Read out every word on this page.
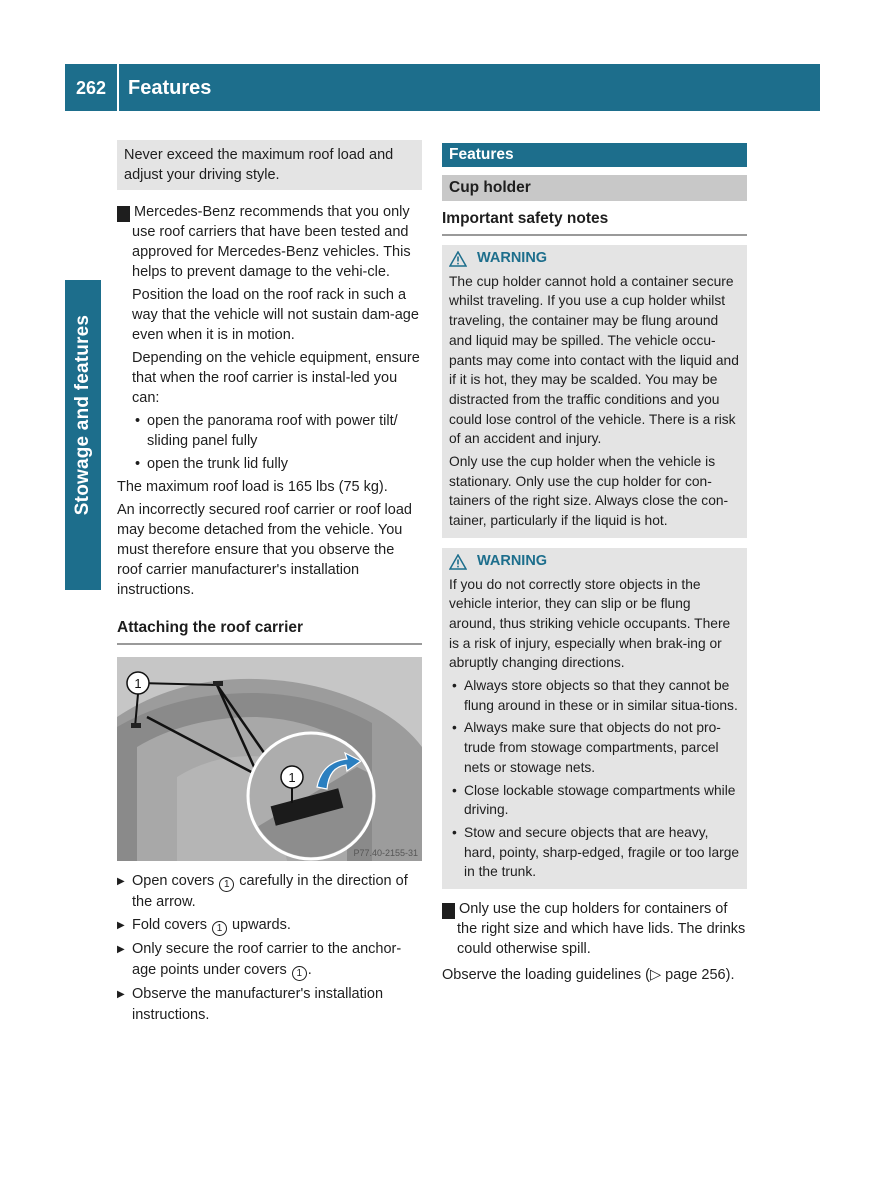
262	Features
Stowage and features
Never exceed the maximum roof load and adjust your driving style.

! Mercedes-Benz recommends that you only use roof carriers that have been tested and approved for Mercedes-Benz vehicles. This helps to prevent damage to the vehi-cle.

Position the load on the roof rack in such a way that the vehicle will not sustain dam-age even when it is in motion.

Depending on the vehicle equipment, ensure that when the roof carrier is instal-led you can:

• open the panorama roof with power tilt/ sliding panel fully

• open the trunk lid fully

The maximum roof load is 165 lbs (75 kg).

An incorrectly secured roof carrier or roof load may become detached from the vehicle. You must therefore ensure that you observe the roof carrier manufacturer's installation instructions.

Attaching the roof carrier
1
1
P77.40-2155-31

▶ Open covers 1 carefully in the direction of the arrow.

▶ Fold covers 1 upwards.

▶ Only secure the roof carrier to the anchor-age points under covers 1 .

▶ Observe the manufacturer's installation instructions.

Features
Cup holder
Important safety notes
WARNING

The cup holder cannot hold a container secure whilst traveling. If you use a cup holder whilst traveling, the container may be flung around and liquid may be spilled. The vehicle occu-pants may come into contact with the liquid and if it is hot, they may be scalded. You may be distracted from the traffic conditions and you could lose control of the vehicle. There is a risk of an accident and injury.

Only use the cup holder when the vehicle is stationary. Only use the cup holder for con-tainers of the right size. Always close the con-tainer, particularly if the liquid is hot.

WARNING

If you do not correctly store objects in the vehicle interior, they can slip or be flung around, thus striking vehicle occupants. There is a risk of injury, especially when brak-ing or abruptly changing directions.

• Always store objects so that they cannot be flung around in these or in similar situa-tions.

• Always make sure that objects do not pro-trude from stowage compartments, parcel nets or stowage nets.

• Close lockable stowage compartments while driving.

• Stow and secure objects that are heavy, hard, pointy, sharp-edged, fragile or too large in the trunk.

! Only use the cup holders for containers of the right size and which have lids. The drinks could otherwise spill.

Observe the loading guidelines (▷ page 256).
